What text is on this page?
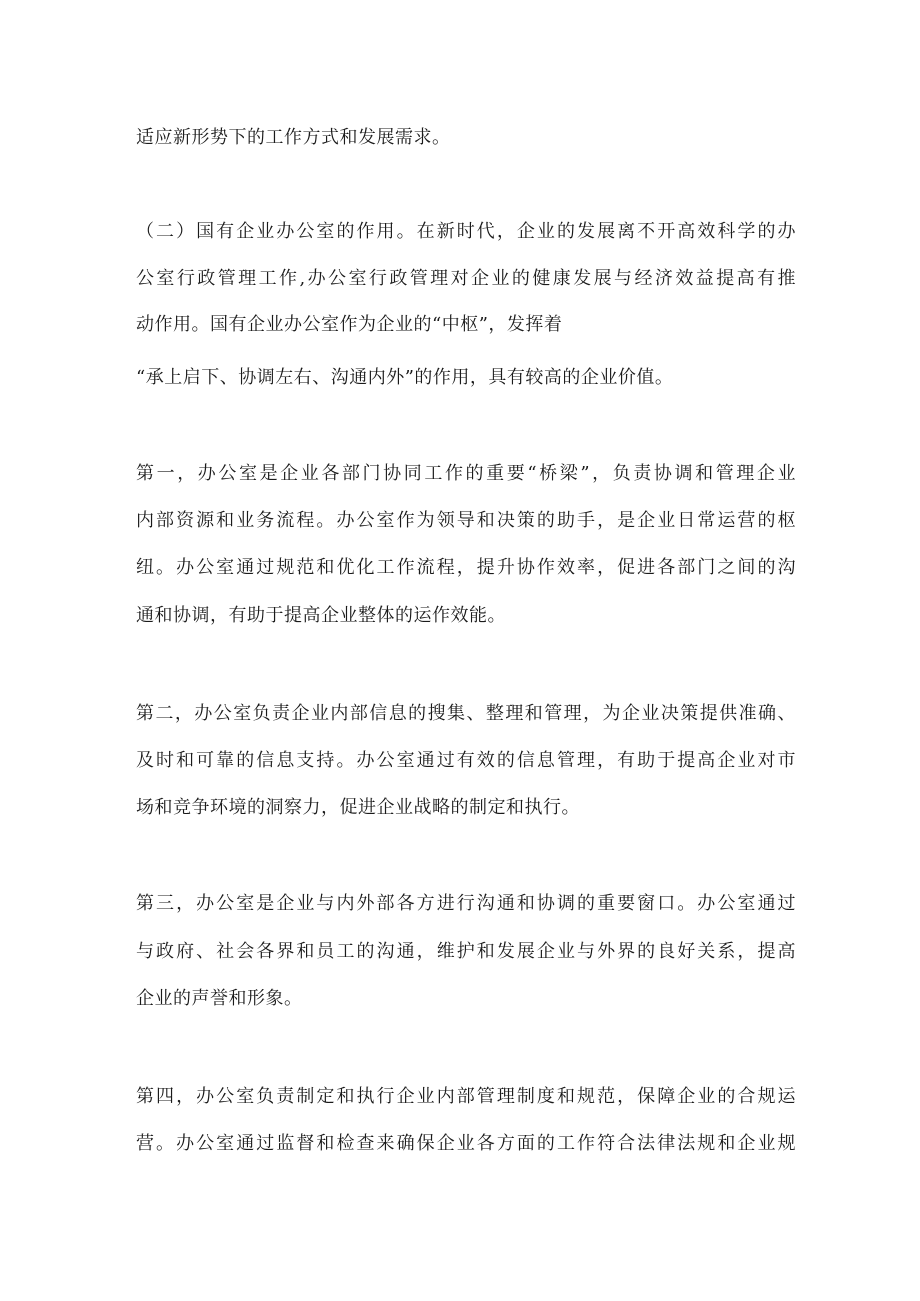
适应新形势下的工作方式和发展需求。
（二）国有企业办公室的作用。在新时代，企业的发展离不开高效科学的办
公室行政管理工作,办公室行政管理对企业的健康发展与经济效益提高有推
动作用。国有企业办公室作为企业的“中枢”，发挥着
“承上启下、协调左右、沟通内外”的作用，具有较高的企业价值。
第一，办公室是企业各部门协同工作的重要“桥梁”，负责协调和管理企业
内部资源和业务流程。办公室作为领导和决策的助手，是企业日常运营的枢
纽。办公室通过规范和优化工作流程，提升协作效率，促进各部门之间的沟
通和协调，有助于提高企业整体的运作效能。
第二，办公室负责企业内部信息的搜集、整理和管理，为企业决策提供准确、
及时和可靠的信息支持。办公室通过有效的信息管理，有助于提高企业对市
场和竞争环境的洞察力，促进企业战略的制定和执行。
第三，办公室是企业与内外部各方进行沟通和协调的重要窗口。办公室通过
与政府、社会各界和员工的沟通，维护和发展企业与外界的良好关系，提高
企业的声誉和形象。
第四，办公室负责制定和执行企业内部管理制度和规范，保障企业的合规运
营。办公室通过监督和检查来确保企业各方面的工作符合法律法规和企业规
